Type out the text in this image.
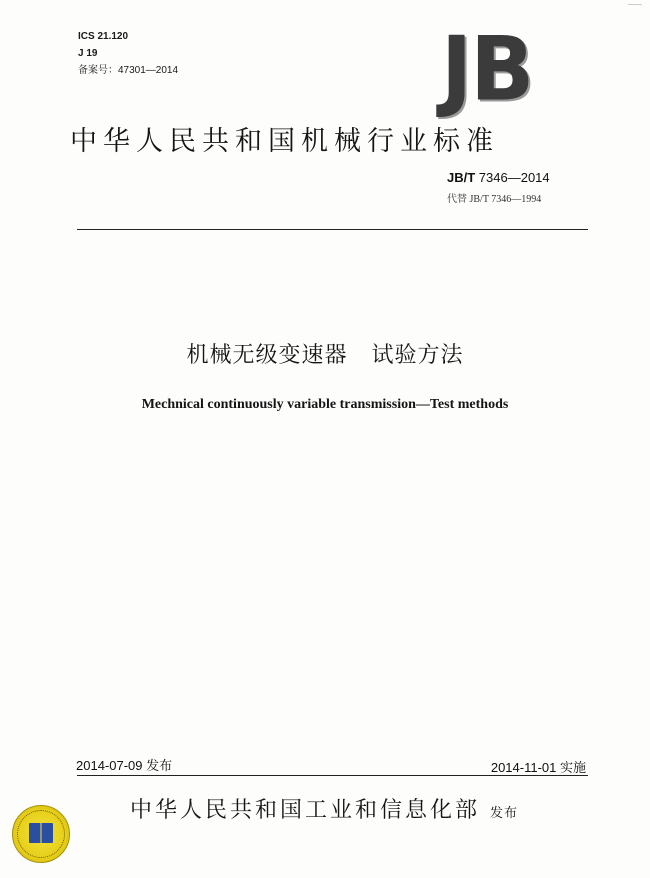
ICS 21.120
J 19
备案号：47301—2014	JB
中华人民共和国机械行业标准
JB/T 7346—2014
代替 JB/T 7346—1994
机械无级变速器 试验方法
Mechnical continuously variable transmission—Test methods
2014-07-09 发布	2014-11-01 实施
中华人民共和国工业和信息化部 发布
